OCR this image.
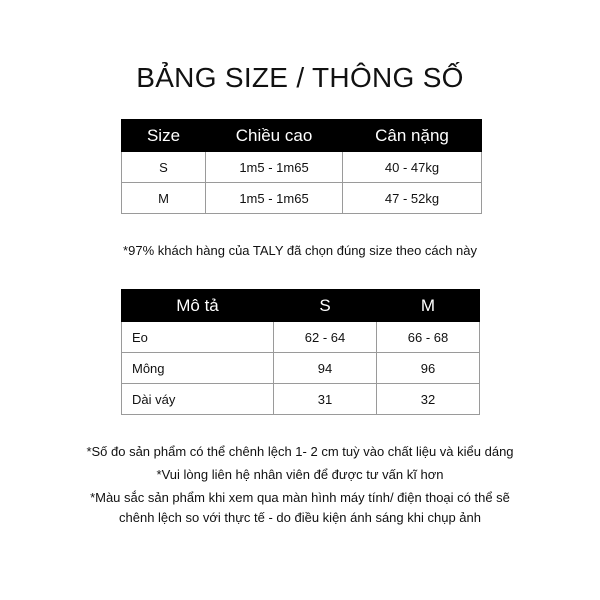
BẢNG SIZE / THÔNG SỐ
Size	Chiều cao	Cân nặng
S	1m5 - 1m65	40 - 47kg
M	1m5 - 1m65	47 - 52kg
*97% khách hàng của TALY đã chọn đúng size theo cách này
Mô tả	S	M
Eo	62 - 64	66 - 68
Mông	94	96
Dài váy	31	32
*Số đo sản phẩm có thể chênh lệch 1- 2 cm tuỳ vào chất liệu và kiểu dáng
*Vui lòng liên hệ nhân viên để được tư vấn kĩ hơn
*Màu sắc sản phẩm khi xem qua màn hình máy tính/ điện thoại có thể sẽ
chênh lệch so với thực tế - do điều kiện ánh sáng khi chụp ảnh
